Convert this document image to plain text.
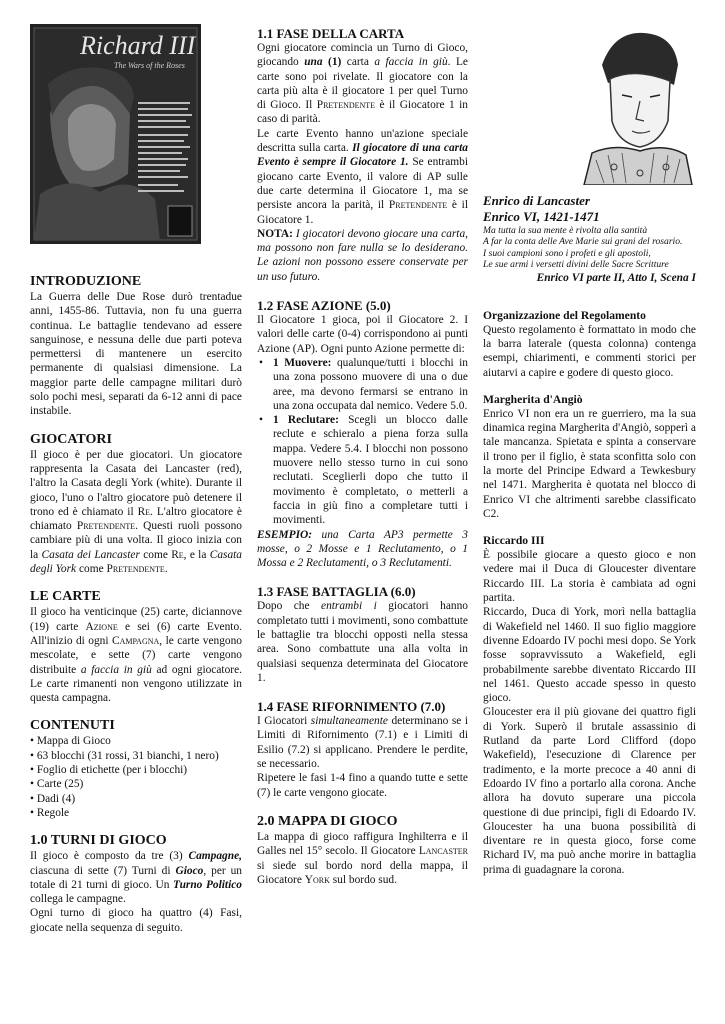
Richard III
The Wars of the Roses
INTRODUZIONE

La Guerra delle Due Rose durò trentadue anni, 1455-86. Tuttavia, non fu una guerra continua. Le battaglie tendevano ad essere sanguinose, e nessuna delle due parti poteva permettersi di mantenere un esercito permanente di qualsiasi dimensione. La maggior parte delle campagne militari durò solo pochi mesi, separati da 6-12 anni di pace instabile.

GIOCATORI

Il gioco è per due giocatori. Un giocatore rappresenta la Casata dei Lancaster (red), l'altro la Casata degli York (white). Durante il gioco, l'uno o l'altro giocatore può detenere il trono ed è chiamato il Re. L'altro giocatore è chiamato Pretendente. Questi ruoli possono cambiare più di una volta. Il gioco inizia con la Casata dei Lancaster come Re, e la Casata degli York come Pretendente.

LE CARTE

Il gioco ha venticinque (25) carte, diciannove (19) carte Azione e sei (6) carte Evento. All'inizio di ogni Campagna, le carte vengono mescolate, e sette (7) carte vengono distribuite a faccia in giù ad ogni giocatore. Le carte rimanenti non vengono utilizzate in questa campagna.

CONTENUTI
• Mappa di Gioco
• 63 blocchi (31 rossi, 31 bianchi, 1 nero)
• Foglio di etichette (per i blocchi)
• Carte (25)
• Dadi (4)
• Regole
1.0 TURNI DI GIOCO

Il gioco è composto da tre (3) Campagne, ciascuna di sette (7) Turni di Gioco, per un totale di 21 turni di gioco. Un Turno Politico collega le campagne.

Ogni turno di gioco ha quattro (4) Fasi, giocate nella sequenza di seguito.

1.1 FASE DELLA CARTA

Ogni giocatore comincia un Turno di Gioco, giocando una (1) carta a faccia in giù. Le carte sono poi rivelate. Il giocatore con la carta più alta è il giocatore 1 per quel Turno di Gioco. Il Pretendente è il Giocatore 1 in caso di parità.

Le carte Evento hanno un'azione speciale descritta sulla carta. Il giocatore di una carta Evento è sempre il Giocatore 1. Se entrambi giocano carte Evento, il valore di AP sulle due carte determina il Giocatore 1, ma se persiste ancora la parità, il Pretendente è il Giocatore 1.

NOTA: I giocatori devono giocare una carta, ma possono non fare nulla se lo desiderano. Le azioni non possono essere conservate per un uso futuro.

1.2 FASE AZIONE (5.0)

Il Giocatore 1 gioca, poi il Giocatore 2. I valori delle carte (0-4) corrispondono ai punti Azione (AP). Ogni punto Azione permette di:

• 1 Muovere: qualunque/tutti i blocchi in una zona possono muovere di una o due aree, ma devono fermarsi se entrano in una zona occupata dal nemico. Vedere 5.0.
• 1 Reclutare: Scegli un blocco dalle reclute e schieralo a piena forza sulla mappa. Vedere 5.4. I blocchi non possono muovere nello stesso turno in cui sono reclutati. Sceglierli dopo che tutto il movimento è completato, o metterli a faccia in giù fino a completare tutti i movimenti.

ESEMPIO: una Carta AP3 permette 3 mosse, o 2 Mosse e 1 Reclutamento, o 1 Mossa e 2 Reclutamenti, o 3 Reclutamenti.

1.3 FASE BATTAGLIA (6.0)

Dopo che entrambi i giocatori hanno completato tutti i movimenti, sono combattute le battaglie tra blocchi opposti nella stessa area. Sono combattute una alla volta in qualsiasi sequenza determinata del Giocatore 1.

1.4 FASE RIFORNIMENTO (7.0)

I Giocatori simultaneamente determinano se i Limiti di Rifornimento (7.1) e i Limiti di Esilio (7.2) si applicano. Prendere le perdite, se necessario.

Ripetere le fasi 1-4 fino a quando tutte e sette (7) le carte vengono giocate.

2.0 MAPPA DI GIOCO

La mappa di gioco raffigura Inghilterra e il Galles nel 15° secolo. Il Giocatore Lancaster si siede sul bordo nord della mappa, il Giocatore York sul bordo sud.

Enrico di Lancaster
Enrico VI, 1421-1471

Ma tutta la sua mente è rivolta alla santità

A far la conta delle Ave Marie sui grani del rosario.

I suoi campioni sono i profeti e gli apostoli,

Le sue armi i versetti divini delle Sacre Scritture

Enrico VI parte II, Atto I, Scena I
Organizzazione del Regolamento

Questo regolamento è formattato in modo che la barra laterale (questa colonna) contenga esempi, chiarimenti, e commenti storici per aiutarvi a capire e godere di questo gioco.

Margherita d'Angiò

Enrico VI non era un re guerriero, ma la sua dinamica regina Margherita d'Angiò, sopperì a tale mancanza. Spietata e spinta a conservare il trono per il figlio, è stata sconfitta solo con la morte del Principe Edward a Tewkesbury nel 1471. Margherita è quotata nel blocco di Enrico VI che altrimenti sarebbe classificato C2.

Riccardo III

È possibile giocare a questo gioco e non vedere mai il Duca di Gloucester diventare Riccardo III. La storia è cambiata ad ogni partita.

Riccardo, Duca di York, morì nella battaglia di Wakefield nel 1460. Il suo figlio maggiore divenne Edoardo IV pochi mesi dopo. Se York fosse sopravvissuto a Wakefield, egli probabilmente sarebbe diventato Riccardo III nel 1461. Questo accade spesso in questo gioco.

Gloucester era il più giovane dei quattro figli di York. Superò il brutale assassinio di Rutland da parte Lord Clifford (dopo Wakefield), l'esecuzione di Clarence per tradimento, e la morte precoce a 40 anni di Edoardo IV fino a portarlo alla corona. Anche allora ha dovuto superare una piccola questione di due principi, figli di Edoardo IV. Gloucester ha una buona possibilità di diventare re in questa gioco, forse come Richard IV, ma può anche morire in battaglia prima di guadagnare la corona.
